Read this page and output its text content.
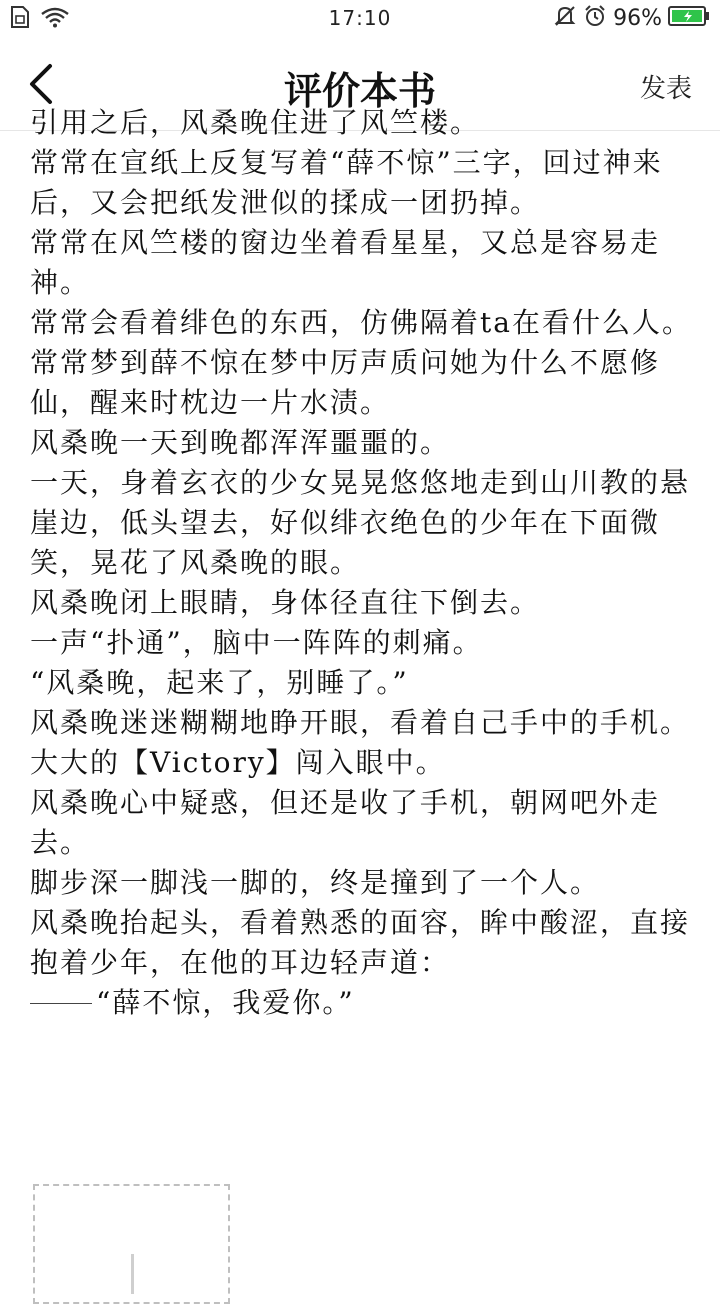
17:10	96%
评价本书	发表

引用之后，风桑晚住进了风竺楼。

常常在宣纸上反复写着“薛不惊”三字，回过神来后，又会把纸发泄似的揉成一团扔掉。

常常在风竺楼的窗边坐着看星星，又总是容易走神。

常常会看着绯色的东西，仿佛隔着ta在看什么人。

常常梦到薛不惊在梦中厉声质问她为什么不愿修仙，醒来时枕边一片水渍。

风桑晚一天到晚都浑浑噩噩的。

一天，身着玄衣的少女晃晃悠悠地走到山川教的悬崖边，低头望去，好似绯衣绝色的少年在下面微笑，晃花了风桑晚的眼。

风桑晚闭上眼睛，身体径直往下倒去。

一声“扑通”，脑中一阵阵的刺痛。

“风桑晚，起来了，别睡了。”

风桑晚迷迷糊糊地睁开眼，看着自己手中的手机。

大大的【Victory】闯入眼中。

风桑晚心中疑惑，但还是收了手机，朝网吧外走去。

脚步深一脚浅一脚的，终是撞到了一个人。

风桑晚抬起头，看着熟悉的面容，眸中酸涩，直接抱着少年，在他的耳边轻声道：

“薛不惊，我爱你。”
